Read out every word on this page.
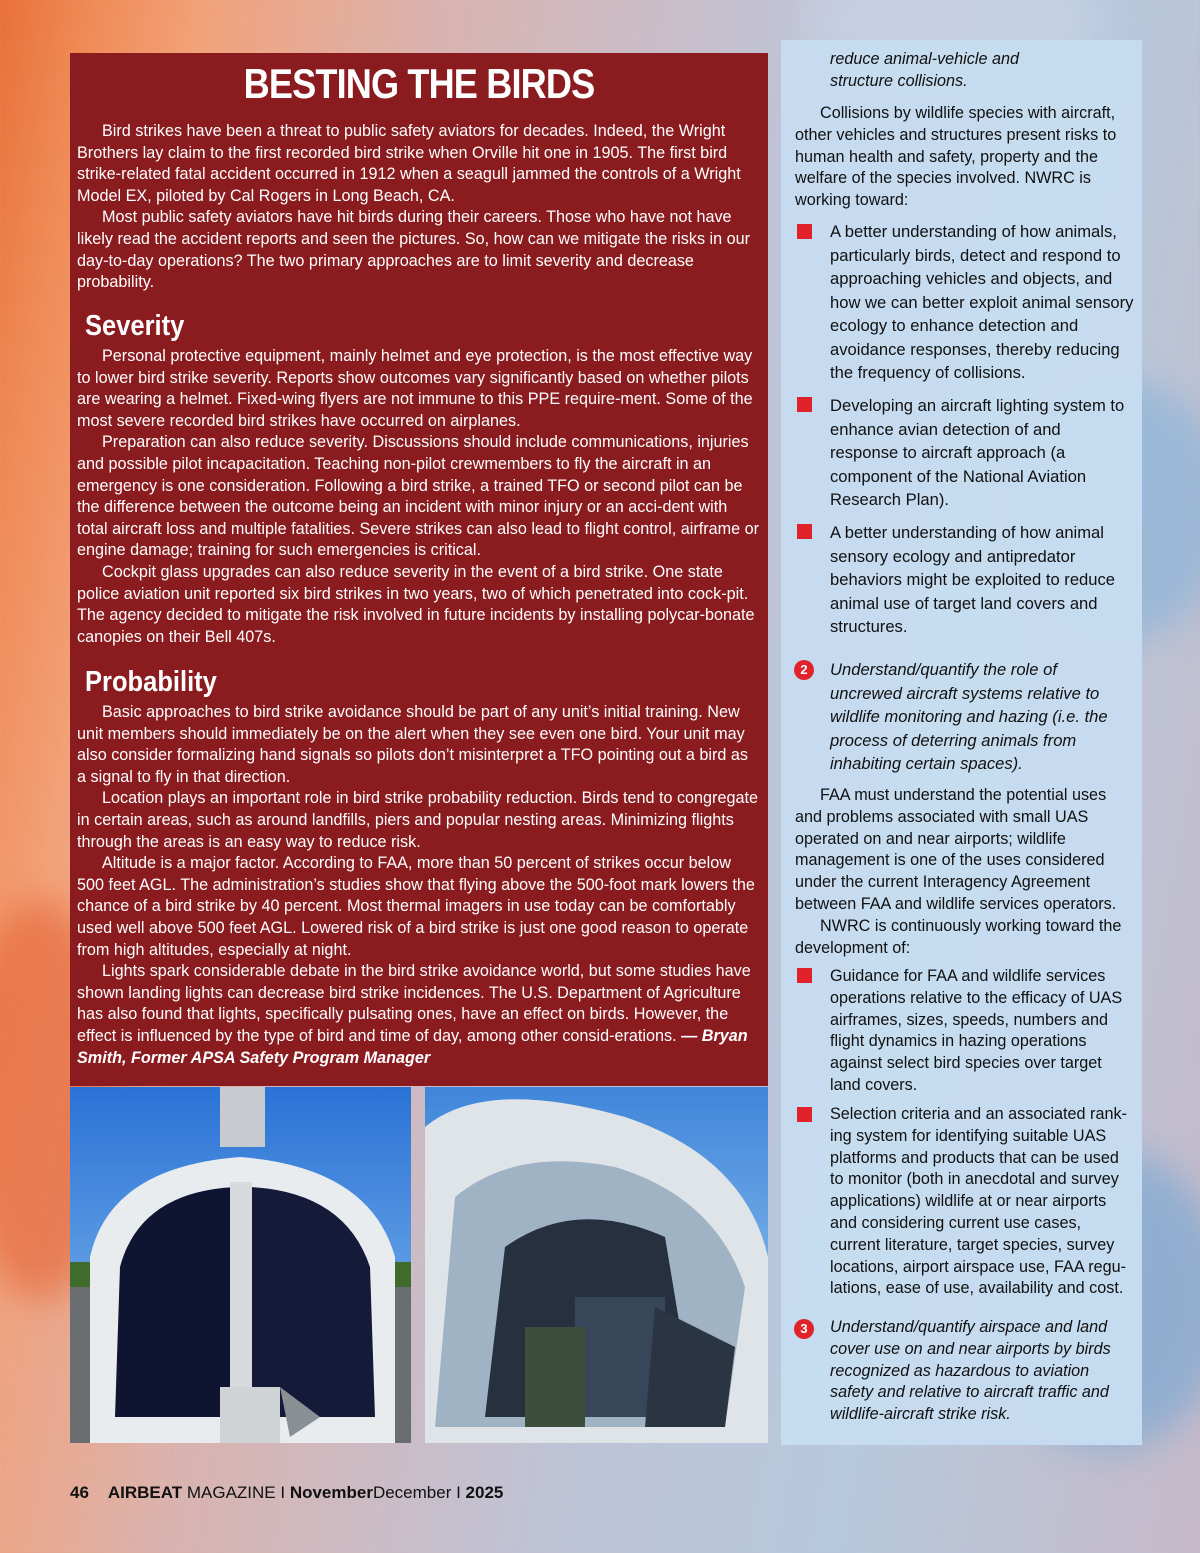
BESTING THE BIRDS

Bird strikes have been a threat to public safety aviators for decades. Indeed, the Wright Brothers lay claim to the first recorded bird strike when Orville hit one in 1905. The first bird strike-related fatal accident occurred in 1912 when a seagull jammed the controls of a Wright Model EX, piloted by Cal Rogers in Long Beach, CA.

Most public safety aviators have hit birds during their careers. Those who have not have likely read the accident reports and seen the pictures. So, how can we mitigate the risks in our day-to-day operations? The two primary approaches are to limit severity and decrease probability.

Severity

Personal protective equipment, mainly helmet and eye protection, is the most effective way to lower bird strike severity. Reports show outcomes vary significantly based on whether pilots are wearing a helmet. Fixed-wing flyers are not immune to this PPE require-ment. Some of the most severe recorded bird strikes have occurred on airplanes.

Preparation can also reduce severity. Discussions should include communications, injuries and possible pilot incapacitation. Teaching non-pilot crewmembers to fly the aircraft in an emergency is one consideration. Following a bird strike, a trained TFO or second pilot can be the difference between the outcome being an incident with minor injury or an acci-dent with total aircraft loss and multiple fatalities. Severe strikes can also lead to flight control, airframe or engine damage; training for such emergencies is critical.

Cockpit glass upgrades can also reduce severity in the event of a bird strike. One state police aviation unit reported six bird strikes in two years, two of which penetrated into cock-pit. The agency decided to mitigate the risk involved in future incidents by installing polycar-bonate canopies on their Bell 407s.

Probability

Basic approaches to bird strike avoidance should be part of any unit’s initial training. New unit members should immediately be on the alert when they see even one bird. Your unit may also consider formalizing hand signals so pilots don’t misinterpret a TFO pointing out a bird as a signal to fly in that direction.

Location plays an important role in bird strike probability reduction. Birds tend to congregate in certain areas, such as around landfills, piers and popular nesting areas. Minimizing flights through the areas is an easy way to reduce risk.

Altitude is a major factor. According to FAA, more than 50 percent of strikes occur below 500 feet AGL. The administration’s studies show that flying above the 500-foot mark lowers the chance of a bird strike by 40 percent. Most thermal imagers in use today can be comfortably used well above 500 feet AGL. Lowered risk of a bird strike is just one good reason to operate from high altitudes, especially at night.

Lights spark considerable debate in the bird strike avoidance world, but some studies have shown landing lights can decrease bird strike incidences. The U.S. Department of Agriculture has also found that lights, specifically pulsating ones, have an effect on birds. However, the effect is influenced by the type of bird and time of day, among other consid-erations. — Bryan Smith, Former APSA Safety Program Manager

reduce animal-vehicle and structure collisions.

Collisions by wildlife species with aircraft, other vehicles and structures present risks to human health and safety, property and the welfare of the species involved. NWRC is working toward:

A better understanding of how animals, particularly birds, detect and respond to approaching vehicles and objects, and how we can better exploit animal sensory ecology to enhance detection and avoidance responses, thereby reducing the frequency of collisions.

Developing an aircraft lighting system to enhance avian detection of and response to aircraft approach (a component of the National Aviation Research Plan).

A better understanding of how animal sensory ecology and antipredator behaviors might be exploited to reduce animal use of target land covers and structures.

2	Understand/quantify the role of uncrewed aircraft systems relative to wildlife monitoring and hazing (i.e. the process of deterring animals from inhabiting certain spaces).

FAA must understand the potential uses and problems associated with small UAS operated on and near airports; wildlife management is one of the uses considered under the current Interagency Agreement between FAA and wildlife services operators.

NWRC is continuously working toward the development of:

Guidance for FAA and wildlife services operations relative to the efficacy of UAS airframes, sizes, speeds, numbers and flight dynamics in hazing operations against select bird species over target land covers.

Selection criteria and an associated rank-ing system for identifying suitable UAS platforms and products that can be used to monitor (both in anecdotal and survey applications) wildlife at or near airports and considering current use cases, current literature, target species, survey locations, airport airspace use, FAA regu-lations, ease of use, availability and cost.

3	Understand/quantify airspace and land cover use on and near airports by birds recognized as hazardous to aviation safety and relative to aircraft traffic and wildlife-aircraft strike risk.

46 AIRBEAT MAGAZINE I NovemberDecember I 2025
